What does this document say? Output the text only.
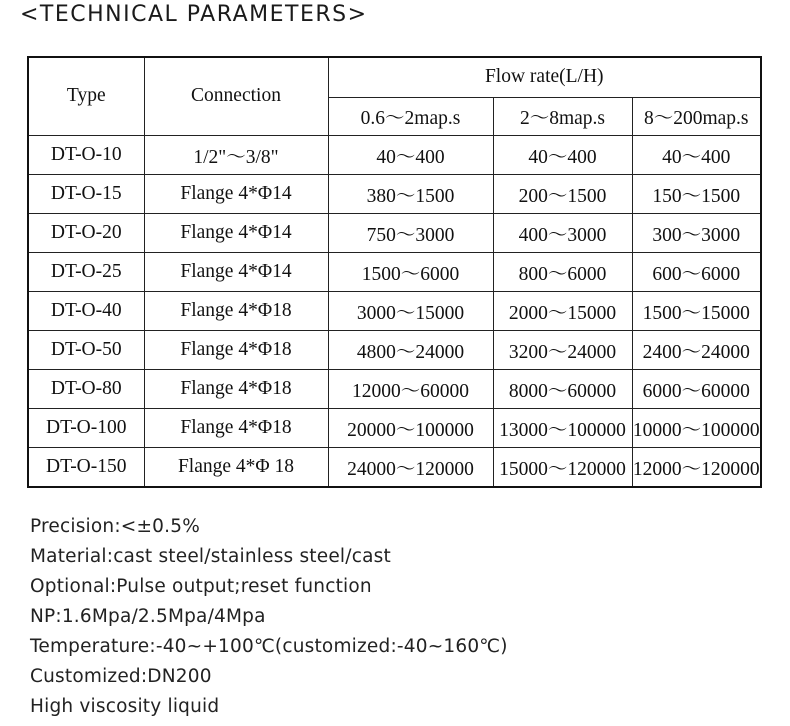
<TECHNICAL PARAMETERS>
Type	Connection	Flow rate(L/H)		
		0.6～2map.s	2～8map.s	8～200map.s
DT-O-10	1/2"～3/8"	40～400	40～400	40～400
DT-O-15	Flange 4*Φ14	380～1500	200～1500	150～1500
DT-O-20	Flange 4*Φ14	750～3000	400～3000	300～3000
DT-O-25	Flange 4*Φ14	1500～6000	800～6000	600～6000
DT-O-40	Flange 4*Φ18	3000～15000	2000～15000	1500～15000
DT-O-50	Flange 4*Φ18	4800～24000	3200～24000	2400～24000
DT-O-80	Flange 4*Φ18	12000～60000	8000～60000	6000～60000
DT-O-100	Flange 4*Φ18	20000～100000	13000～100000	10000～100000
DT-O-150	Flange 4*Φ 18	24000～120000	15000～120000	12000～120000
Precision:<±0.5%
Material:cast steel/stainless steel/cast
Optional:Pulse output;reset function
NP:1.6Mpa/2.5Mpa/4Mpa
Temperature:-40~+100℃(customized:-40~160℃)
Customized:DN200
High viscosity liquid
